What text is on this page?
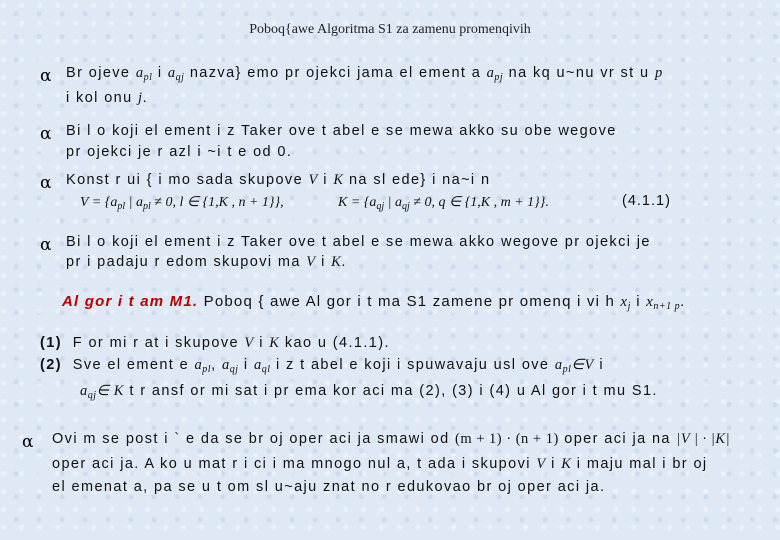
Poboq{awe Algoritma S1 za zamenu promenqivih
α Br ojeve $a_{pl}$ i $a_{qj}$ nazva} emo pr ojekci jama el ement a $a_{pj}$ na kq u~nu vr st u p
i kol onu j.
α Bi l o koji el ement i z Taker ove t abel e se mewa akko su obe wegove
pr ojekci je r azl i ~i t e od 0.
α Konst r ui { i mo sada skupove V i K na sl ede} i na~i n
$V = \{a_{pl}$ | $a_{pl} \ne 0$, l ∈ {1,K , n + 1}},	$K = \{a_{qj}$ | $a_{qj} \ne 0$, q ∈ {1,K , m + 1}}.	(4.1.1)
α Bi l o koji el ement i z Taker ove t abel e se mewa akko wegove pr ojekci je
pr i padaju r edom skupovi ma V i K.
Al gor i t am M1. Poboq { awe Al gor i t ma S1 zamene pr omenq i vi h $x_j$ i $x_{n+1 p}$.
(1) F or mi r at i skupove V i K kao u (4.1.1).
(2) Sve el ement e $a_{pl}$, $a_{qj}$ i $a_{ql}$ i z t abel e koji i spuwavaju usl ove $a_{pl}\in V$ i
$a_{qj}\in$ K t r ansf or mi sat i pr ema kor aci ma (2), (3) i (4) u Al gor i t mu S1.
α Ovi m se post i ` e da se br oj oper aci ja smawi od (m + 1) · (n + 1) oper aci ja na |V | · |K|
oper aci ja. A ko u mat r i ci i ma mnogo nul a, t ada i skupovi V i K i maju mal i br oj
el emenat a, pa se u t om sl u~aju znat no r edukovao br oj oper aci ja.
